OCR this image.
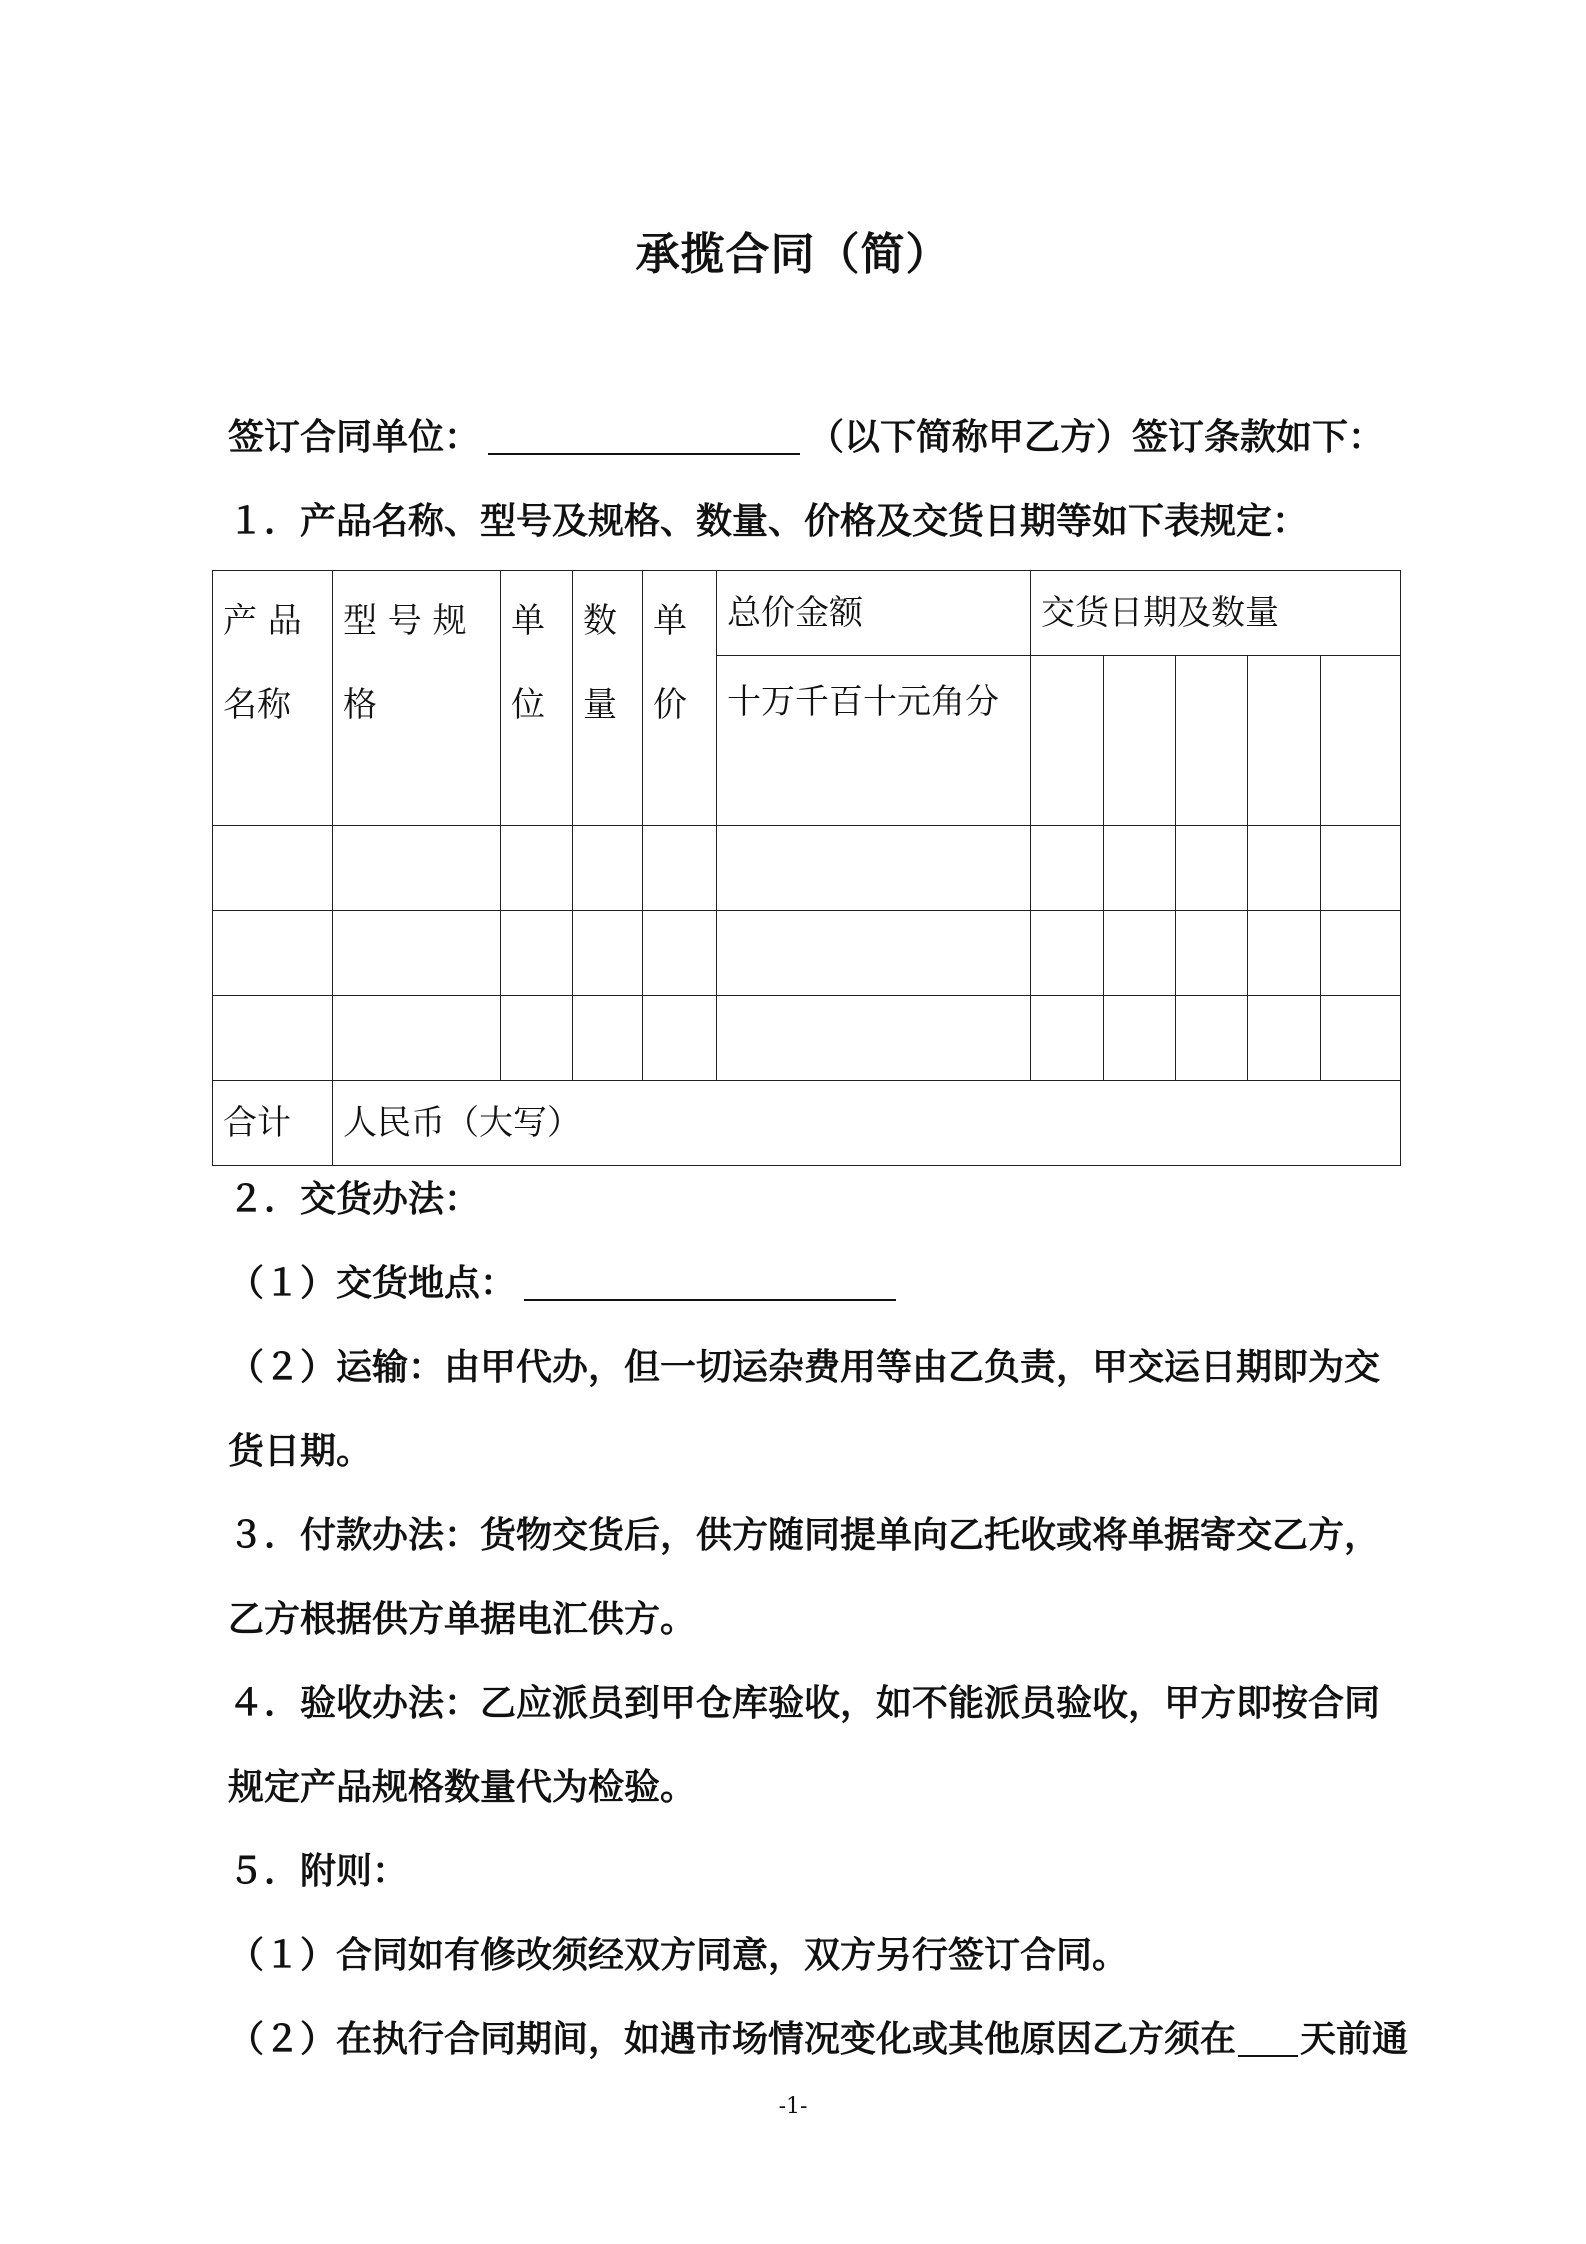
承揽合同（简）
签订合同单位：	（以下简称甲乙方）签订条款如下：
１．产品名称、型号及规格、数量、价格及交货日期等如下表规定：
产 品 名称	型 号 规 格	单 位	数 量	单 价	总价金额	交货日期及数量				
					十万千百十元角分					

合计	人民币（大写）									
２．交货办法：
（１）交货地点：
（２）运输：由甲代办，但一切运杂费用等由乙负责，甲交运日期即为交
货日期。
３．付款办法：货物交货后，供方随同提单向乙托收或将单据寄交乙方，
乙方根据供方单据电汇供方。
４．验收办法：乙应派员到甲仓库验收，如不能派员验收，甲方即按合同
规定产品规格数量代为检验。
５．附则：
（１）合同如有修改须经双方同意，双方另行签订合同。
（２）在执行合同期间，如遇市场情况变化或其他原因乙方须在 天前通
-1-
